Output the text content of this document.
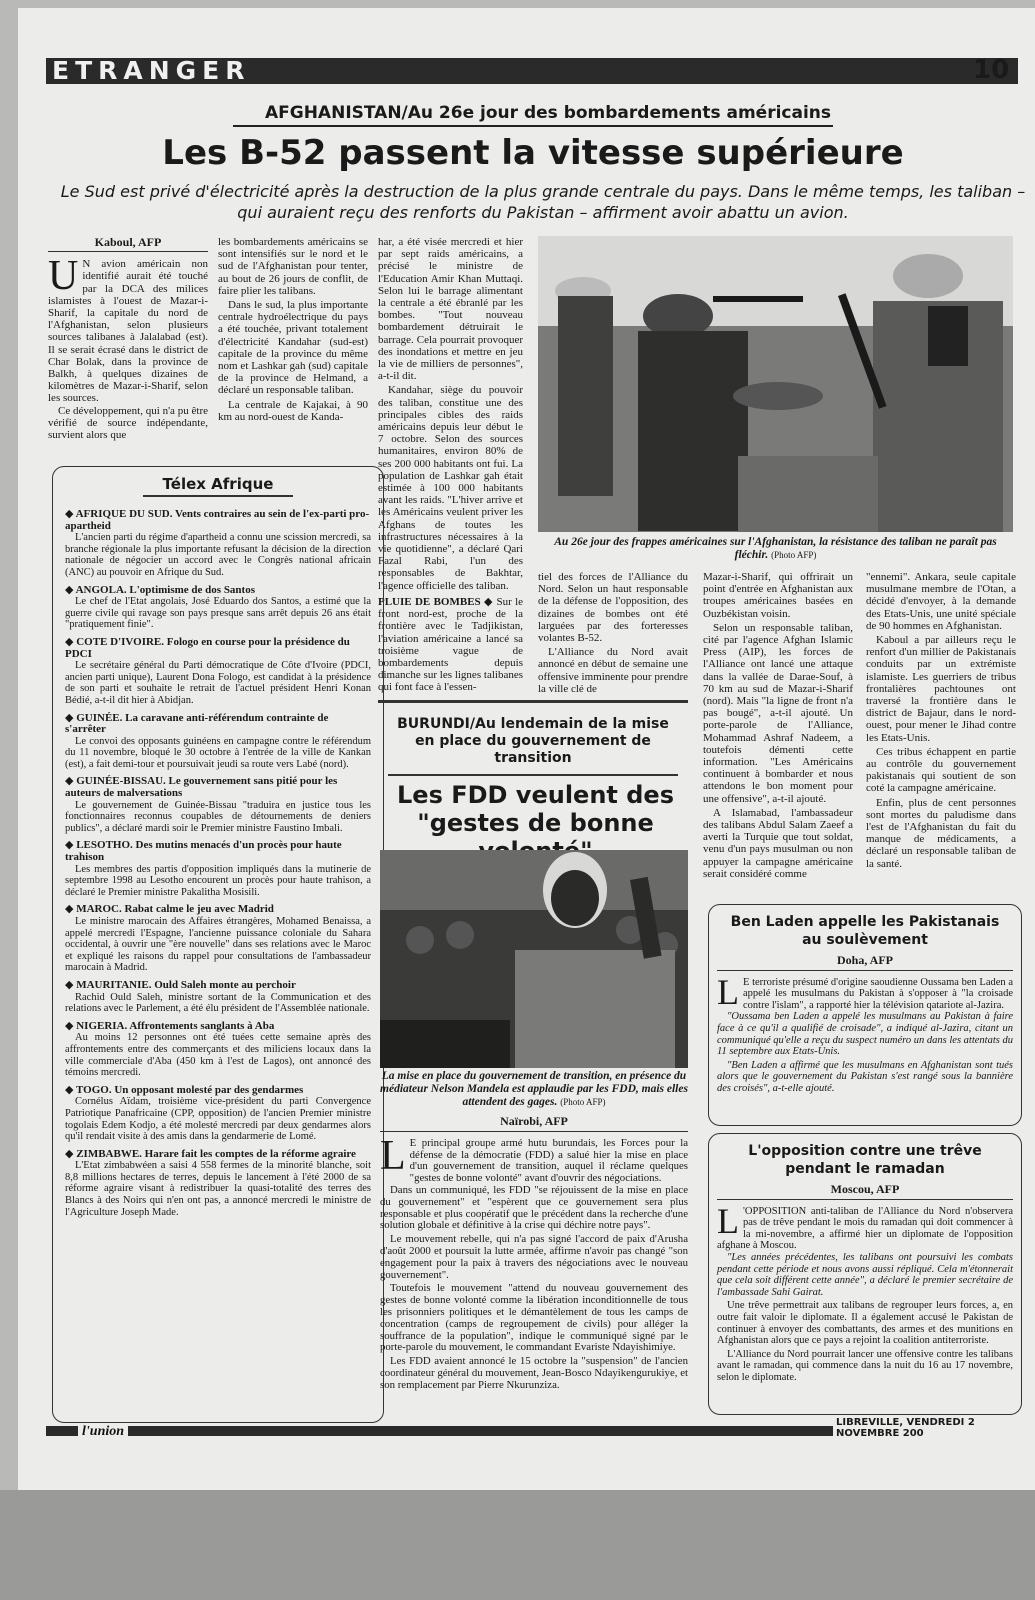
ETRANGER	10
AFGHANISTAN/Au 26e jour des bombardements américains
Les B-52 passent la vitesse supérieure
Le Sud est privé d'électricité après la destruction de la plus grande centrale du pays. Dans le même temps, les taliban – qui auraient reçu des renforts du Pakistan – affirment avoir abattu un avion.
Kaboul, AFP
U N avion américain non identifié aurait été touché par la DCA des milices islamistes à l'ouest de Mazar-i-Sharif, la capitale du nord de l'Afghanistan, selon plusieurs sources talibanes à Jalalabad (est). Il se serait écrasé dans le district de Char Bolak, dans la province de Balkh, à quelques dizaines de kilomètres de Mazar-i-Sharif, selon les sources.

Ce développement, qui n'a pu être vérifié de source indépendante, survient alors que

les bombardements américains se sont intensifiés sur le nord et le sud de l'Afghanistan pour tenter, au bout de 26 jours de conflit, de faire plier les talibans.

Dans le sud, la plus importante centrale hydroélectrique du pays a été touchée, privant totalement d'électricité Kandahar (sud-est) capitale de la province du même nom et Lashkar gah (sud) capitale de la province de Helmand, a déclaré un responsable taliban.

La centrale de Kajakai, à 90 km au nord-ouest de Kanda-

har, a été visée mercredi et hier par sept raids américains, a précisé le ministre de l'Education Amir Khan Muttaqi. Selon lui le barrage alimentant la centrale a été ébranlé par les bombes. "Tout nouveau bombardement détruirait le barrage. Cela pourrait provoquer des inondations et mettre en jeu la vie de milliers de personnes", a-t-il dit.

Kandahar, siège du pouvoir des taliban, constitue une des principales cibles des raids américains depuis leur début le 7 octobre. Selon des sources humanitaires, environ 80% de ses 200 000 habitants ont fui. La population de Lashkar gah était estimée à 100 000 habitants avant les raids. "L'hiver arrive et les Américains veulent priver les Afghans de toutes les infrastructures nécessaires à la vie quotidienne", a déclaré Qari Fazal Rabi, l'un des responsables de Bakhtar, l'agence officielle des taliban.

PLUIE DE BOMBES ◆ Sur le front nord-est, proche de la frontière avec le Tadjikistan, l'aviation américaine a lancé sa troisième vague de bombardements depuis dimanche sur les lignes talibanes qui font face à l'essen-

Au 26e jour des frappes américaines sur l'Afghanistan, la résistance des taliban ne paraît pas fléchir. (Photo AFP)

tiel des forces de l'Alliance du Nord. Selon un haut responsable de la défense de l'opposition, des dizaines de bombes ont été larguées par des forteresses volantes B-52.

L'Alliance du Nord avait annoncé en début de semaine une offensive imminente pour prendre la ville clé de

Mazar-i-Sharif, qui offrirait un point d'entrée en Afghanistan aux troupes américaines basées en Ouzbékistan voisin.

Selon un responsable taliban, cité par l'agence Afghan Islamic Press (AIP), les forces de l'Alliance ont lancé une attaque dans la vallée de Darae-Souf, à 70 km au sud de Mazar-i-Sharif (nord). Mais "la ligne de front n'a pas bougé", a-t-il ajouté. Un porte-parole de l'Alliance, Mohammad Ashraf Nadeem, a toutefois démenti cette information. "Les Américains continuent à bombarder et nous attendons le bon moment pour une offensive", a-t-il ajouté.

A Islamabad, l'ambassadeur des talibans Abdul Salam Zaeef a averti la Turquie que tout soldat, venu d'un pays musulman ou non appuyer la campagne américaine serait considéré comme

"ennemi". Ankara, seule capitale musulmane membre de l'Otan, a décidé d'envoyer, à la demande des Etats-Unis, une unité spéciale de 90 hommes en Afghanistan.

Kaboul a par ailleurs reçu le renfort d'un millier de Pakistanais conduits par un extrémiste islamiste. Les guerriers de tribus frontalières pachtounes ont traversé la frontière dans le district de Bajaur, dans le nord-ouest, pour mener le Jihad contre les Etats-Unis.

Ces tribus échappent en partie au contrôle du gouvernement pakistanais qui soutient de son coté la campagne américaine.

Enfin, plus de cent personnes sont mortes du paludisme dans l'est de l'Afghanistan du fait du manque de médicaments, a déclaré un responsable taliban de la santé.

Télex Afrique
◆ AFRIQUE DU SUD. Vents contraires au sein de l'ex-parti pro-apartheid
L'ancien parti du régime d'apartheid a connu une scission mercredi, sa branche régionale la plus importante refusant la décision de la direction nationale de négocier un accord avec le Congrès national africain (ANC) au pouvoir en Afrique du Sud.
◆ ANGOLA. L'optimisme de dos Santos
Le chef de l'Etat angolais, José Eduardo dos Santos, a estimé que la guerre civile qui ravage son pays presque sans arrêt depuis 26 ans était "pratiquement finie".
◆ COTE D'IVOIRE. Fologo en course pour la présidence du PDCI
Le secrétaire général du Parti démocratique de Côte d'Ivoire (PDCI, ancien parti unique), Laurent Dona Fologo, est candidat à la présidence de son parti et souhaite le retrait de l'actuel président Henri Konan Bédié, a-t-il dit hier à Abidjan.
◆ GUINÉE. La caravane anti-référendum contrainte de s'arrêter
Le convoi des opposants guinéens en campagne contre le référendum du 11 novembre, bloqué le 30 octobre à l'entrée de la ville de Kankan (est), a fait demi-tour et poursuivait jeudi sa route vers Labé (nord).
◆ GUINÉE-BISSAU. Le gouvernement sans pitié pour les auteurs de malversations
Le gouvernement de Guinée-Bissau "traduira en justice tous les fonctionnaires reconnus coupables de détournements de deniers publics", a déclaré mardi soir le Premier ministre Faustino Imbali.
◆ LESOTHO. Des mutins menacés d'un procès pour haute trahison
Les membres des partis d'opposition impliqués dans la mutinerie de septembre 1998 au Lesotho encourent un procès pour haute trahison, a déclaré le Premier ministre Pakalitha Mosisili.
◆ MAROC. Rabat calme le jeu avec Madrid
Le ministre marocain des Affaires étrangères, Mohamed Benaissa, a appelé mercredi l'Espagne, l'ancienne puissance coloniale du Sahara occidental, à ouvrir une "ère nouvelle" dans ses relations avec le Maroc et expliqué les raisons du rappel pour consultations de l'ambassadeur marocain à Madrid.
◆ MAURITANIE. Ould Saleh monte au perchoir
Rachid Ould Saleh, ministre sortant de la Communication et des relations avec le Parlement, a été élu président de l'Assemblée nationale.
◆ NIGERIA. Affrontements sanglants à Aba
Au moins 12 personnes ont été tuées cette semaine après des affrontements entre des commerçants et des miliciens locaux dans la ville commerciale d'Aba (450 km à l'est de Lagos), ont annoncé des témoins mercredi.
◆ TOGO. Un opposant molesté par des gendarmes
Cornélus Aïdam, troisième vice-président du parti Convergence Patriotique Panafricaine (CPP, opposition) de l'ancien Premier ministre togolais Edem Kodjo, a été molesté mercredi par deux gendarmes alors qu'il rendait visite à des amis dans la gendarmerie de Lomé.
◆ ZIMBABWE. Harare fait les comptes de la réforme agraire
L'Etat zimbabwéen a saisi 4 558 fermes de la minorité blanche, soit 8,8 millions hectares de terres, depuis le lancement à l'été 2000 de sa réforme agraire visant à redistribuer la quasi-totalité des terres des Blancs à des Noirs qui n'en ont pas, a annoncé mercredi le ministre de l'Agriculture Joseph Made.
BURUNDI/Au lendemain de la mise en place du gouvernement de transition
Les FDD veulent des "gestes de bonne
La mise en place du gouvernement de transition, en présence du médiateur Nelson Mandela est applaudie par les FDD, mais elles attendent des gages. (Photo AFP)
Naïrobi, AFP
L E principal groupe armé hutu burundais, les Forces pour la défense de la démocratie (FDD) a salué hier la mise en place d'un gouvernement de transition, auquel il réclame quelques "gestes de bonne volonté" avant d'ouvrir des négociations.

Dans un communiqué, les FDD "se réjouissent de la mise en place du gouvernement" et "espèrent que ce gouvernement sera plus responsable et plus coopératif que le précédent dans la recherche d'une solution globale et définitive à la crise qui déchire notre pays".

Le mouvement rebelle, qui n'a pas signé l'accord de paix d'Arusha d'août 2000 et poursuit la lutte armée, affirme n'avoir pas changé "son engagement pour la paix à travers des négociations avec le nouveau gouvernement".

Toutefois le mouvement "attend du nouveau gouvernement des gestes de bonne volonté comme la libération inconditionnelle de tous les prisonniers politiques et le démantèlement de tous les camps de concentration (camps de regroupement de civils) pour alléger la souffrance de la population", indique le communiqué signé par le porte-parole du mouvement, le commandant Evariste Ndayishimiye.

Les FDD avaient annoncé le 15 octobre la "suspension" de l'ancien coordinateur général du mouvement, Jean-Bosco Ndayikengurukiye, et son remplacement par Pierre Nkurunziza.

Ben Laden appelle les Pakistanais au soulèvement
Doha, AFP
L E terroriste présumé d'origine saoudienne Oussama ben Laden a appelé les musulmans du Pakistan à s'opposer à "la croisade contre l'islam", a rapporté hier la télévision qatariote al-Jazira.

"Oussama ben Laden a appelé les musulmans au Pakistan à faire face à ce qu'il a qualifié de croisade", a indiqué al-Jazira, citant un communiqué qu'elle a reçu du suspect numéro un dans les attentats du 11 septembre aux Etats-Unis.

"Ben Laden a affirmé que les musulmans en Afghanistan sont tués alors que le gouvernement du Pakistan s'est rangé sous la bannière des croisés", a-t-elle ajouté.

L'opposition contre une trêve pendant le ramadan
Moscou, AFP
L 'OPPOSITION anti-taliban de l'Alliance du Nord n'observera pas de trêve pendant le mois du ramadan qui doit commencer à la mi-novembre, a affirmé hier un diplomate de l'opposition afghane à Moscou.

"Les années précédentes, les talibans ont poursuivi les combats pendant cette période et nous avons aussi répliqué. Cela m'étonnerait que cela soit différent cette année", a déclaré le premier secrétaire de l'ambassade Sahi Gairat.

Une trêve permettrait aux talibans de regrouper leurs forces, a, en outre fait valoir le diplomate. Il a également accusé le Pakistan de continuer à envoyer des combattants, des armes et des munitions en Afghanistan alors que ce pays a rejoint la coalition antiterroriste.

L'Alliance du Nord pourrait lancer une offensive contre les talibans avant le ramadan, qui commence dans la nuit du 16 au 17 novembre, selon le diplomate.

l'union
LIBREVILLE, VENDREDI 2 NOVEMBRE 200
